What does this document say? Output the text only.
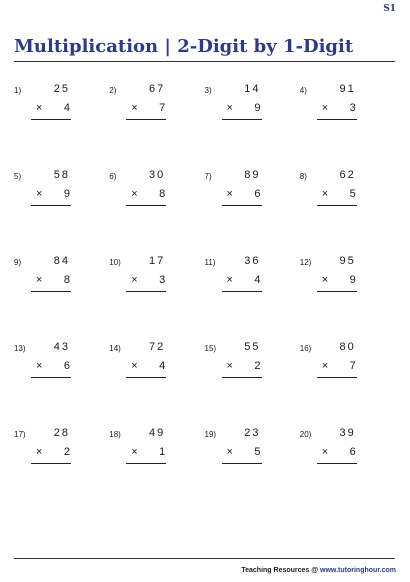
S1
Multiplication | 2-Digit by 1-Digit
1)	25
× 4
2)	67
× 7
3)	14
× 9
4)	91
× 3
5)	58
× 9
6)	30
× 8
7)	89
× 6
8)	62
× 5
9)	84
× 8
10)	17
× 3
11)	36
× 4
12)	95
× 9
13)	43
× 6
14)	72
× 4
15)	55
× 2
16)	80
× 7
17)	28
× 2
18)	49
× 1
19)	23
× 5
20)	39
× 6
Teaching Resources @ www.tutoringhour.com
